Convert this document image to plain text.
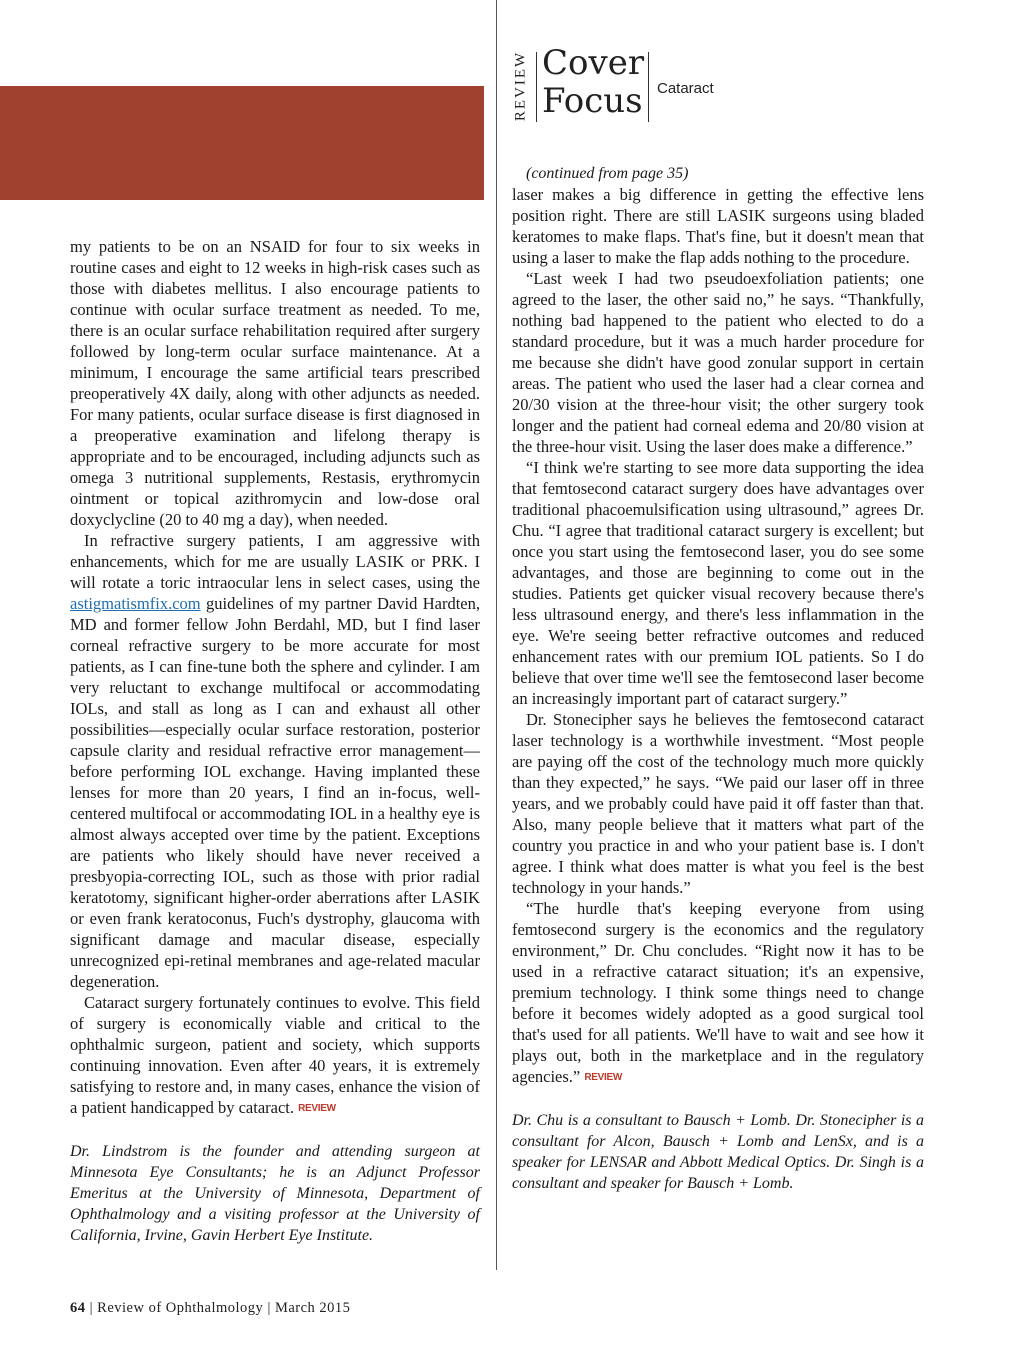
REVIEW Cover
Focus Cataract

my patients to be on an NSAID for four to six weeks in routine cases and eight to 12 weeks in high-risk cases such as those with diabetes mellitus. I also encourage patients to continue with ocular surface treatment as needed. To me, there is an ocular surface rehabilitation required after surgery followed by long-term ocular surface maintenance. At a minimum, I encourage the same artificial tears prescribed preoperatively 4X daily, along with other adjuncts as needed. For many patients, ocular surface disease is first diagnosed in a preoperative examination and lifelong therapy is appropriate and to be encouraged, including adjuncts such as omega 3 nutritional supplements, Restasis, erythromycin ointment or topical azithromycin and low-dose oral doxyclycline (20 to 40 mg a day), when needed.

In refractive surgery patients, I am aggressive with enhancements, which for me are usually LASIK or PRK. I will rotate a toric intraocular lens in select cases, using the astigmatismfix.com guidelines of my partner David Hardten, MD and former fellow John Berdahl, MD, but I find laser corneal refractive surgery to be more accurate for most patients, as I can fine-tune both the sphere and cylinder. I am very reluctant to exchange multifocal or accommodating IOLs, and stall as long as I can and exhaust all other possibilities—especially ocular surface restoration, posterior capsule clarity and residual refractive error management—before performing IOL exchange. Having implanted these lenses for more than 20 years, I find an in-focus, well-centered multifocal or accommodating IOL in a healthy eye is almost always accepted over time by the patient. Exceptions are patients who likely should have never received a presbyopia-correcting IOL, such as those with prior radial keratotomy, significant higher-order aberrations after LASIK or even frank keratoconus, Fuch's dystrophy, glaucoma with significant damage and macular disease, especially unrecognized epi-retinal membranes and age-related macular degeneration.

Cataract surgery fortunately continues to evolve. This field of surgery is economically viable and critical to the ophthalmic surgeon, patient and society, which supports continuing innovation. Even after 40 years, it is extremely satisfying to restore and, in many cases, enhance the vision of a patient handicapped by cataract. REVIEW

Dr. Lindstrom is the founder and attending surgeon at Minnesota Eye Consultants; he is an Adjunct Professor Emeritus at the University of Minnesota, Department of Ophthalmology and a visiting professor at the University of California, Irvine, Gavin Herbert Eye Institute.

(continued from page 35)

laser makes a big difference in getting the effective lens position right. There are still LASIK surgeons using bladed keratomes to make flaps. That's fine, but it doesn't mean that using a laser to make the flap adds nothing to the procedure.

“Last week I had two pseudoexfoliation patients; one agreed to the laser, the other said no,” he says. “Thankfully, nothing bad happened to the patient who elected to do a standard procedure, but it was a much harder procedure for me because she didn't have good zonular support in certain areas. The patient who used the laser had a clear cornea and 20/30 vision at the three-hour visit; the other surgery took longer and the patient had corneal edema and 20/80 vision at the three-hour visit. Using the laser does make a difference.”

“I think we're starting to see more data supporting the idea that femtosecond cataract surgery does have advantages over traditional phacoemulsification using ultrasound,” agrees Dr. Chu. “I agree that traditional cataract surgery is excellent; but once you start using the femtosecond laser, you do see some advantages, and those are beginning to come out in the studies. Patients get quicker visual recovery because there's less ultrasound energy, and there's less inflammation in the eye. We're seeing better refractive outcomes and reduced enhancement rates with our premium IOL patients. So I do believe that over time we'll see the femtosecond laser become an increasingly important part of cataract surgery.”

Dr. Stonecipher says he believes the femtosecond cataract laser technology is a worthwhile investment. “Most people are paying off the cost of the technology much more quickly than they expected,” he says. “We paid our laser off in three years, and we probably could have paid it off faster than that. Also, many people believe that it matters what part of the country you practice in and who your patient base is. I don't agree. I think what does matter is what you feel is the best technology in your hands.”

“The hurdle that's keeping everyone from using femtosecond surgery is the economics and the regulatory environment,” Dr. Chu concludes. “Right now it has to be used in a refractive cataract situation; it's an expensive, premium technology. I think some things need to change before it becomes widely adopted as a good surgical tool that's used for all patients. We'll have to wait and see how it plays out, both in the marketplace and in the regulatory agencies.” REVIEW

Dr. Chu is a consultant to Bausch + Lomb. Dr. Stonecipher is a consultant for Alcon, Bausch + Lomb and LenSx, and is a speaker for LENSAR and Abbott Medical Optics. Dr. Singh is a consultant and speaker for Bausch + Lomb.

64 | Review of Ophthalmology | March 2015
